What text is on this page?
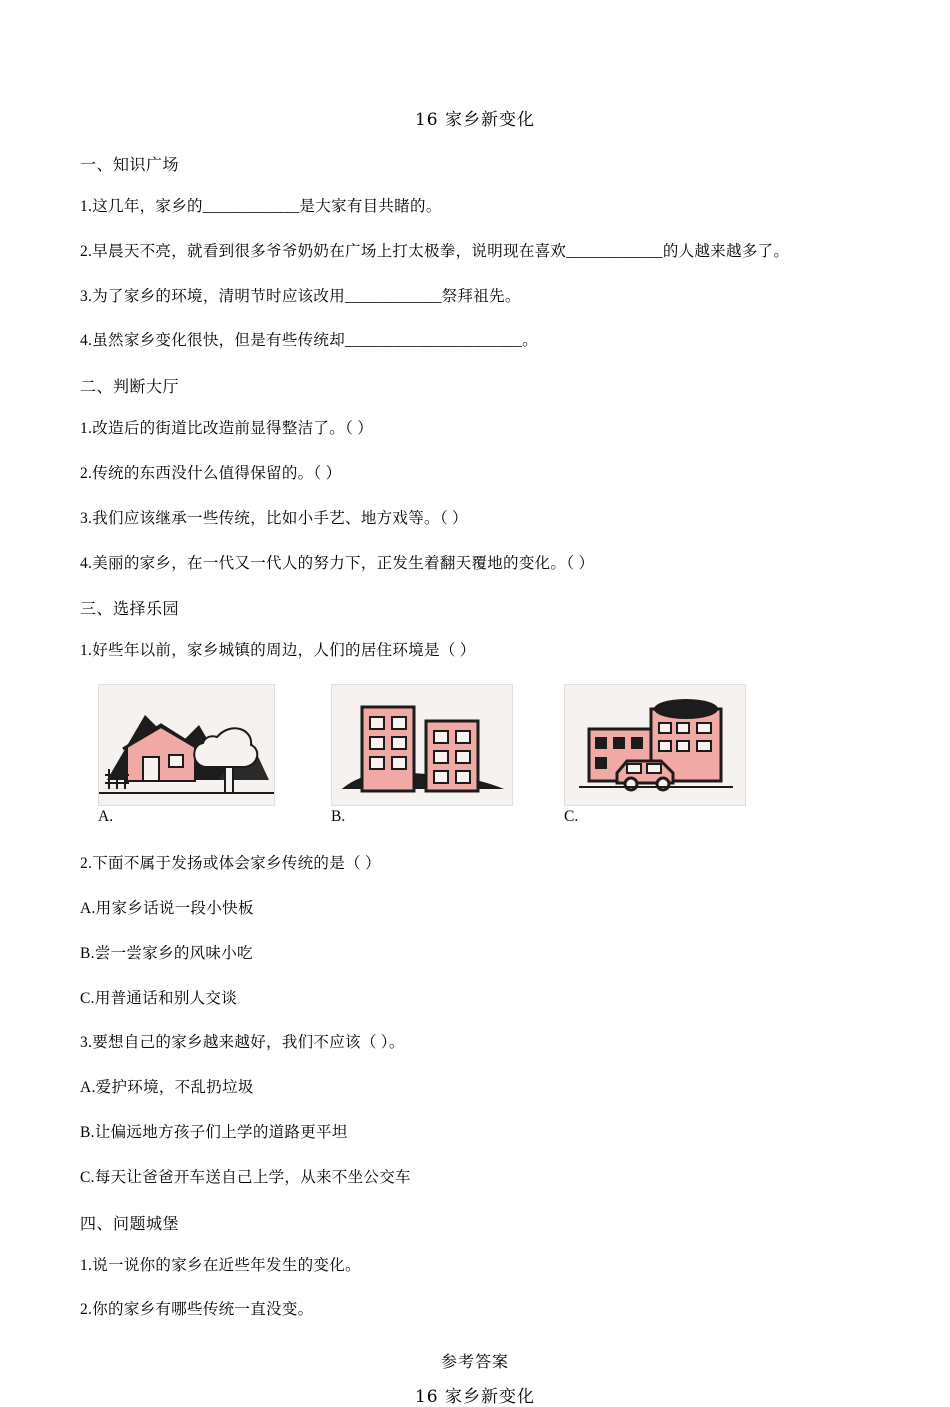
16 家乡新变化
一、知识广场
1.这几年，家乡的____________是大家有目共睹的。
2.早晨天不亮，就看到很多爷爷奶奶在广场上打太极拳，说明现在喜欢____________的人越来越多了。
3.为了家乡的环境，清明节时应该改用____________祭拜祖先。
4.虽然家乡变化很快，但是有些传统却______________________。
二、判断大厅
1.改造后的街道比改造前显得整洁了。（ ）
2.传统的东西没什么值得保留的。（ ）
3.我们应该继承一些传统，比如小手艺、地方戏等。（ ）
4.美丽的家乡，在一代又一代人的努力下，正发生着翻天覆地的变化。（ ）
三、选择乐园
1.好些年以前，家乡城镇的周边，人们的居住环境是（ ）
A.	B.	C.
2.下面不属于发扬或体会家乡传统的是（ ）
A.用家乡话说一段小快板
B.尝一尝家乡的风味小吃
C.用普通话和别人交谈
3.要想自己的家乡越来越好，我们不应该（ ）。
A.爱护环境，不乱扔垃圾
B.让偏远地方孩子们上学的道路更平坦
C.每天让爸爸开车送自己上学，从来不坐公交车
四、问题城堡
1.说一说你的家乡在近些年发生的变化。
2.你的家乡有哪些传统一直没变。
参考答案
16 家乡新变化
